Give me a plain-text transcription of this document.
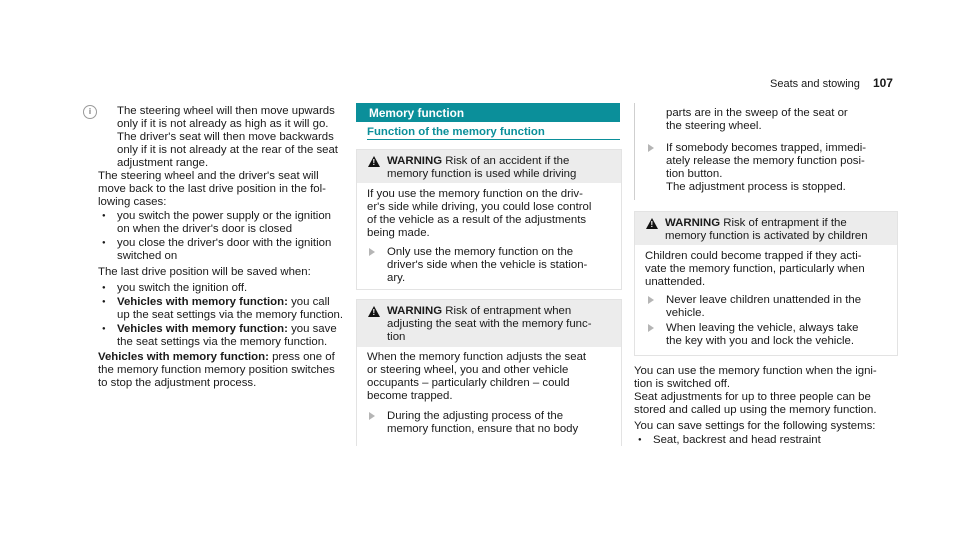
Seats and stowing 107
i	The steering wheel will then move upwards
only if it is not already as high as it will go.
The driver's seat will then move backwards
only if it is not already at the rear of the seat
adjustment range.
The steering wheel and the driver's seat will
move back to the last drive position in the fol-
lowing cases:
● you switch the power supply or the ignition
on when the driver's door is closed
● you close the driver's door with the ignition
switched on
The last drive position will be saved when:
● you switch the ignition off.
● Vehicles with memory function: you call
up the seat settings via the memory function.
● Vehicles with memory function: you save
the seat settings via the memory function.
Vehicles with memory function: press one of
the memory function memory position switches
to stop the adjustment process.
Memory function
Function of the memory function
!
WARNING Risk of an accident if the
memory function is used while driving
If you use the memory function on the driv-
er's side while driving, you could lose control
of the vehicle as a result of the adjustments
being made.
Only use the memory function on the
driver's side when the vehicle is station-
ary.
!
WARNING Risk of entrapment when
adjusting the seat with the memory func-
tion
When the memory function adjusts the seat
or steering wheel, you and other vehicle
occupants – particularly children – could
become trapped.
During the adjusting process of the
memory function, ensure that no body
parts are in the sweep of the seat or
the steering wheel.
If somebody becomes trapped, immedi-
ately release the memory function posi-
tion button.
The adjustment process is stopped.
!
WARNING Risk of entrapment if the
memory function is activated by children
Children could become trapped if they acti-
vate the memory function, particularly when
unattended.
Never leave children unattended in the
vehicle.
When leaving the vehicle, always take
the key with you and lock the vehicle.
You can use the memory function when the igni-
tion is switched off.
Seat adjustments for up to three people can be
stored and called up using the memory function.
You can save settings for the following systems:
● Seat, backrest and head restraint
